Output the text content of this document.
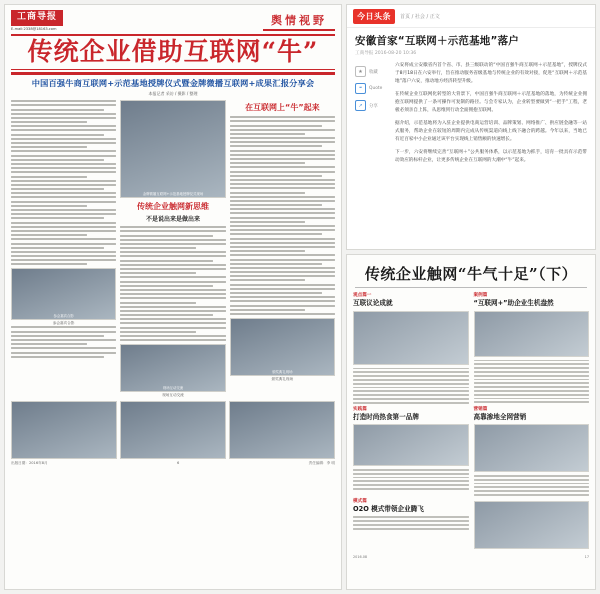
工商导报
E-mail:2338@18163.com
舆情视野
传统企业借助互联网“牛”
中国百强牛商互联网+示范基地授牌仪式暨金牌微播互联网+成果汇报分享会
本报记者 采访 / 摄影 / 整理
参会嘉宾合影
参会嘉宾合影
金牌微播互联网+示范基地授牌仪式现场
传统企业触网新思维
不是说出来是做出来
现场互动交流
现场互动交流
在互联网上“牛”起来
颁奖典礼现场
颁奖典礼现场
出版日期：2016年8月	6	责任编辑：李 明
今日头条	首页 / 社会 / 正文
安徽首家“互联网＋示范基地”落户
工商导报 2016-08-20 10:36
★	收藏
❝	Quote
↗	分享

六安将成立安徽省内首个省、市、县三级联动的“中国百强牛商互联网＋示范基地”，授牌仪式于8月18日在六安举行，旨在推动服务省级基地与传统企业的有效对接，促进“互联网＋示范基地”落户六安，推动地方经济转型升级。

在传统企业互联网化转型的大背景下，中国百强牛商互联网＋示范基地的落地，为传统企业拥抱互联网提供了一条可操作可复制的路径。与会专家认为，企业转型要做到“一把手”工程，老板必须亲自上阵，从思维到行动全面拥抱互联网。

据介绍，示范基地将为入驻企业提供电商运营培训、品牌策划、网络推广、供应链金融等一站式服务，帮助企业在较短的周期内完成从传统渠道向线上线下融合的跨越。今年以来，当地已有近百家中小企业通过该平台实现线上销售额的快速增长。

下一步，六安将继续完善“互联网＋”公共服务体系，以示范基地为抓手，培育一批具有示范带动效应的标杆企业，让更多传统企业在互联网的大潮中“牛”起来。

传统企业触网“牛气十足”（下）
观点篇一
互联议论成就
案例篇
“互联网+”助企业生机盎然
实践篇
打造时尚热食第一品牌
营销篇
高靠渗地全网营销
模式篇
O2O 模式带领企业腾飞
2016.08	17
